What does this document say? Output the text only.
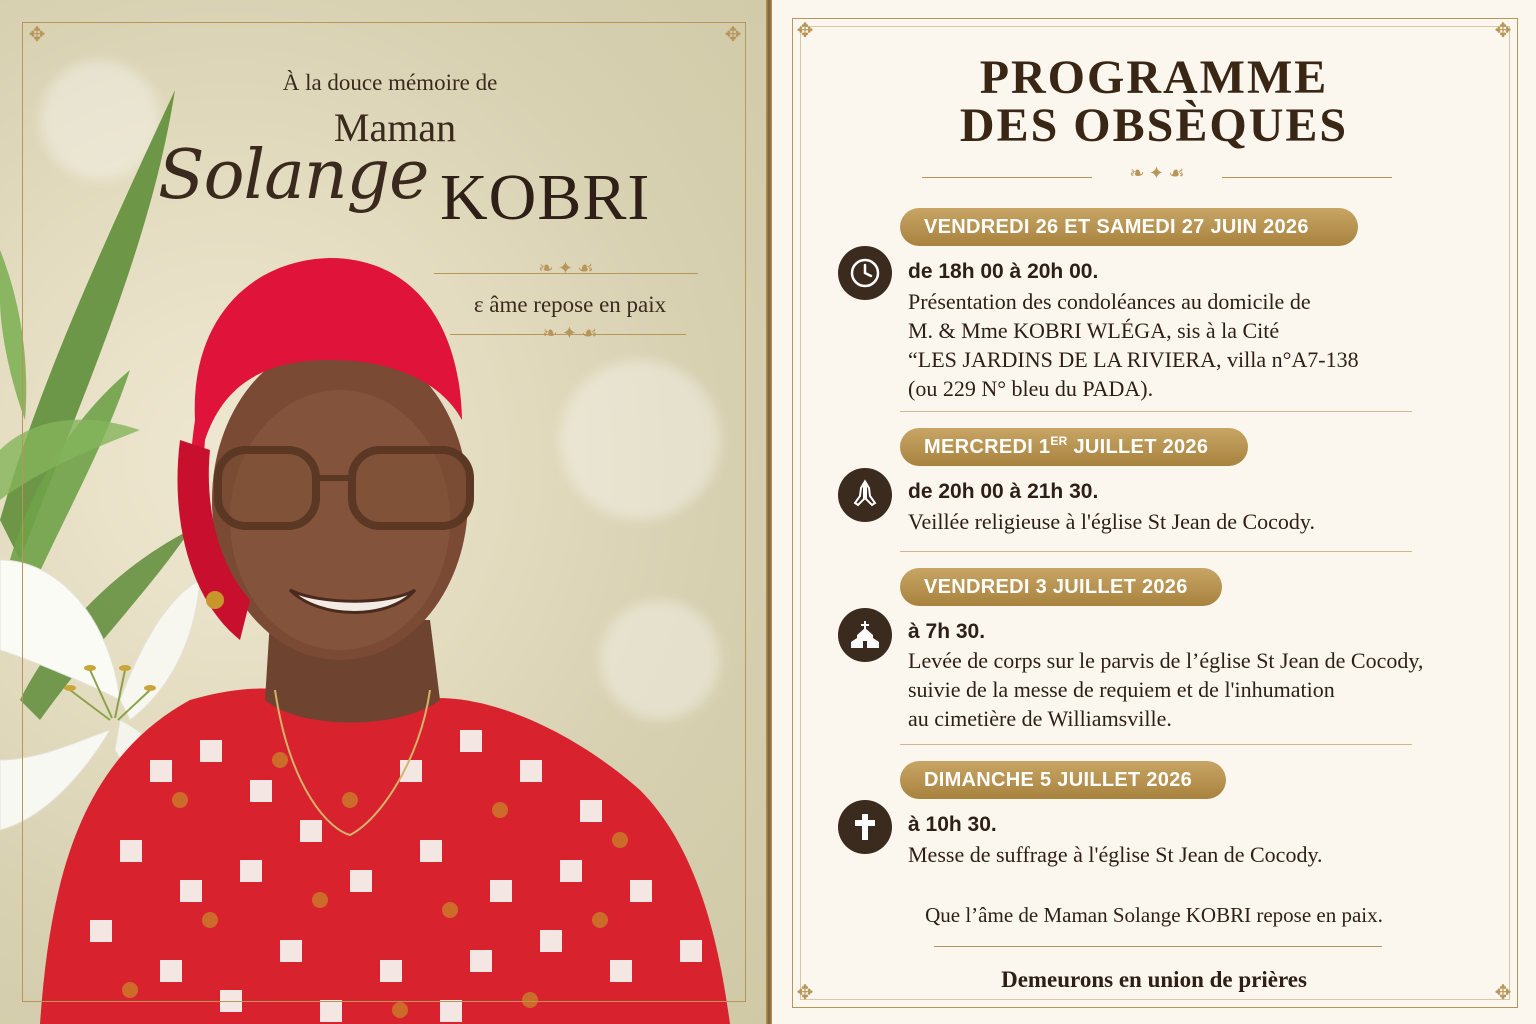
✥	✥
À la douce mémoire de
Maman
Solange KOBRI
❧ ✦ ☙
ɛ âme repose en paix
❧ ✦ ☙
✥	✥
✥	✥
PROGRAMME
DES OBSÈQUES
❧ ✦ ☙
VENDREDI 26 ET SAMEDI 27 JUIN 2026
de 18h 00 à 20h 00.
Présentation des condoléances au domicile de
M. & Mme KOBRI WLÉGA, sis à la Cité
“LES JARDINS DE LA RIVIERA, villa n°A7-138
(ou 229 N° bleu du PADA).
MERCREDI 1ER JUILLET 2026
de 20h 00 à 21h 30.
Veillée religieuse à l'église St Jean de Cocody.
VENDREDI 3 JUILLET 2026
à 7h 30.
Levée de corps sur le parvis de l’église St Jean de Cocody,
suivie de la messe de requiem et de l'inhumation
au cimetière de Williamsville.
DIMANCHE 5 JUILLET 2026
à 10h 30.
Messe de suffrage à l'église St Jean de Cocody.
Que l’âme de Maman Solange KOBRI repose en paix.
Demeurons en union de prières
